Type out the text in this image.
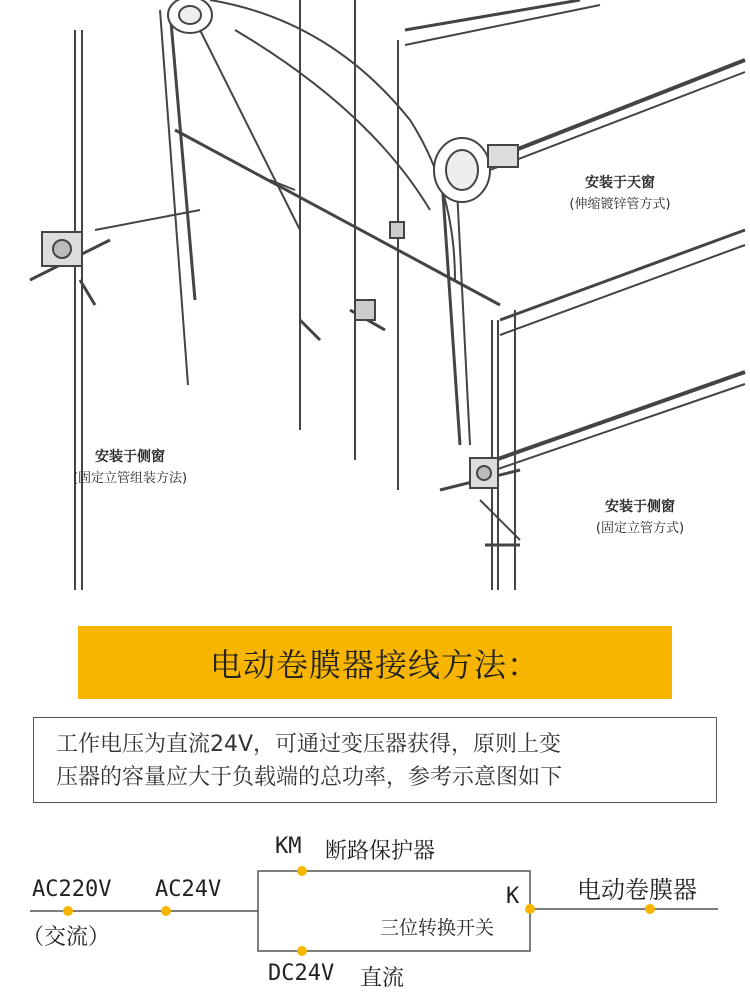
安装于天窗
(伸缩镀锌管方式)
安装于侧窗
(固定立管组装方法)
安装于侧窗
(固定立管方式)
电动卷膜器接线方法：
工作电压为直流24V，可通过变压器获得，原则上变
压器的容量应大于负载端的总功率，参考示意图如下
AC220V
（交流）
AC24V
KM 断路保护器
K
三位转换开关
电动卷膜器
DC24V 直流
